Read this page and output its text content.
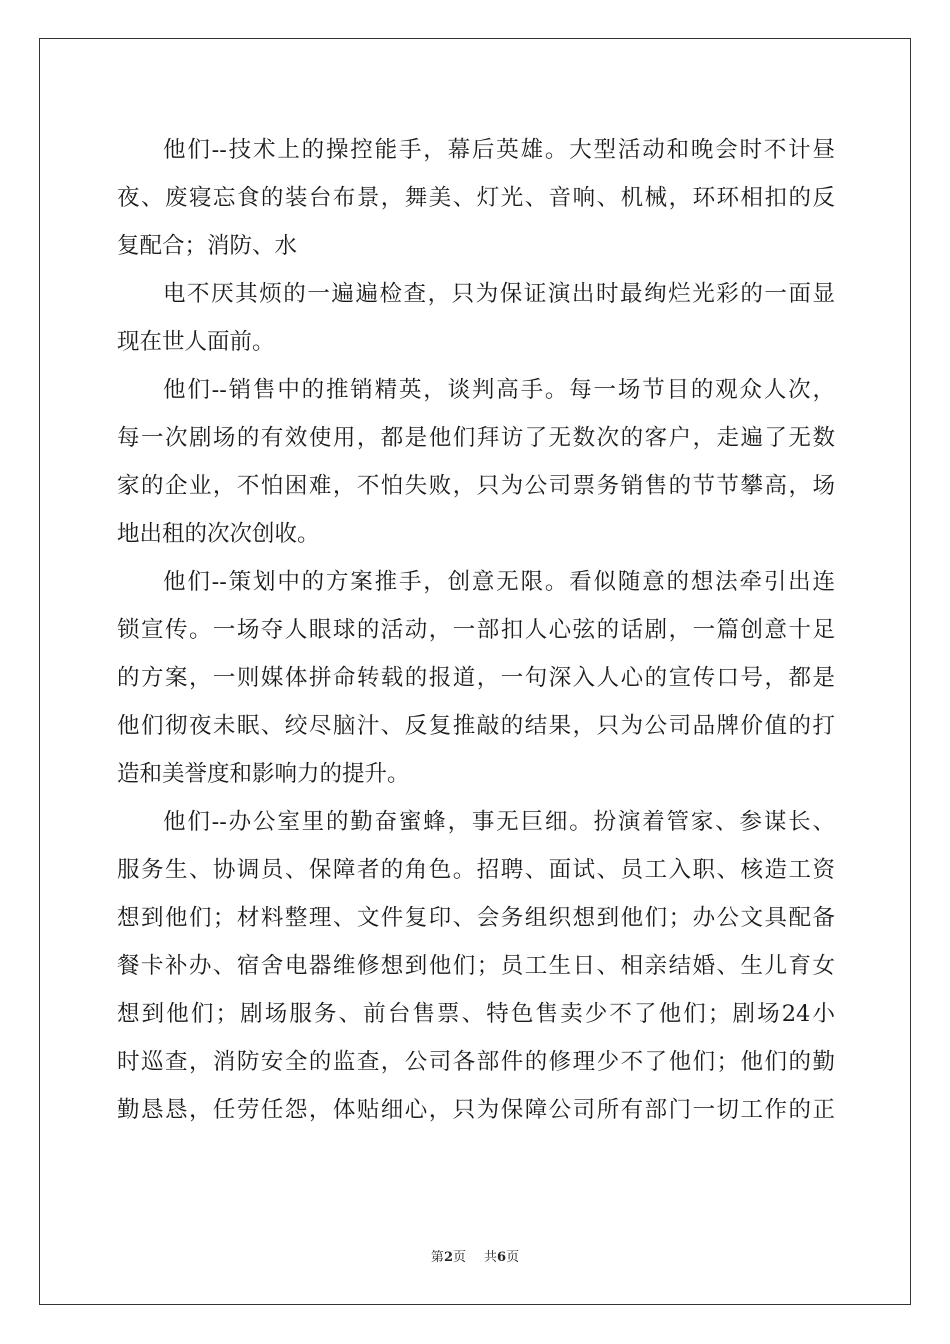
他们--技术上的操控能手，幕后英雄。大型活动和晚会时不计昼
夜、废寝忘食的装台布景，舞美、灯光、音响、机械，环环相扣的反
复配合；消防、水
电不厌其烦的一遍遍检查，只为保证演出时最绚烂光彩的一面显
现在世人面前。
他们--销售中的推销精英，谈判高手。每一场节目的观众人次，
每一次剧场的有效使用，都是他们拜访了无数次的客户，走遍了无数
家的企业，不怕困难，不怕失败，只为公司票务销售的节节攀高，场
地出租的次次创收。
他们--策划中的方案推手，创意无限。看似随意的想法牵引出连
锁宣传。一场夺人眼球的活动，一部扣人心弦的话剧，一篇创意十足
的方案，一则媒体拼命转载的报道，一句深入人心的宣传口号，都是
他们彻夜未眠、绞尽脑汁、反复推敲的结果，只为公司品牌价值的打
造和美誉度和影响力的提升。
他们--办公室里的勤奋蜜蜂，事无巨细。扮演着管家、参谋长、
服务生、协调员、保障者的角色。招聘、面试、员工入职、核造工资
想到他们；材料整理、文件复印、会务组织想到他们；办公文具配备
餐卡补办、宿舍电器维修想到他们；员工生日、相亲结婚、生儿育女
想到他们；剧场服务、前台售票、特色售卖少不了他们；剧场24小
时巡查，消防安全的监查，公司各部件的修理少不了他们；他们的勤
勤恳恳，任劳任怨，体贴细心，只为保障公司所有部门一切工作的正
第2页 共6页
